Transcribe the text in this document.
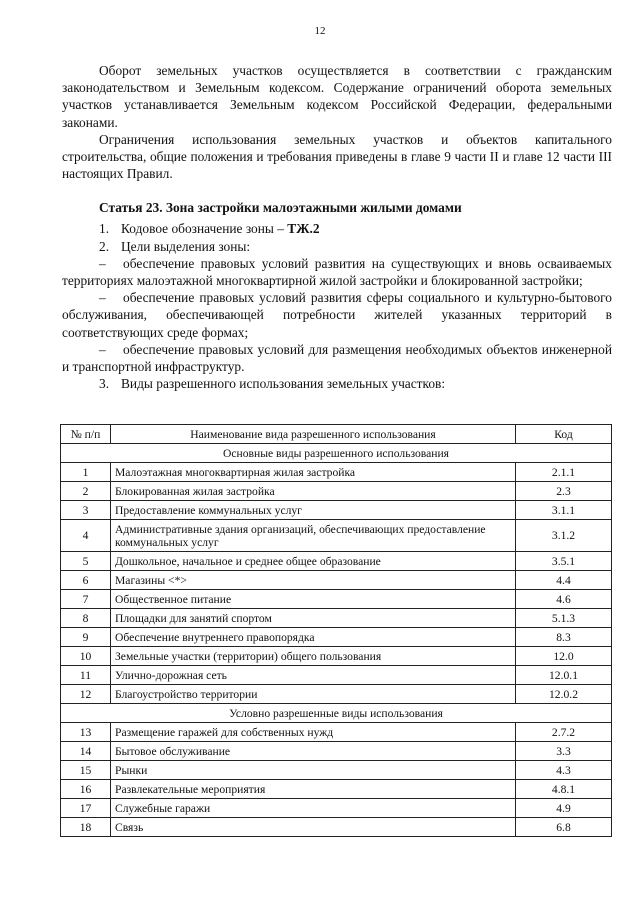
12

Оборот земельных участков осуществляется в соответствии с гражданским законодательством и Земельным кодексом. Содержание ограничений оборота земельных участков устанавливается Земельным кодексом Российской Федерации, федеральными законами.

Ограничения использования земельных участков и объектов капитального строительства, общие положения и требования приведены в главе 9 части II и главе 12 части III настоящих Правил.

Статья 23. Зона застройки малоэтажными жилыми домами
1. Кодовое обозначение зоны – ТЖ.2
2. Цели выделения зоны:

– обеспечение правовых условий развития на существующих и вновь осваиваемых территориях малоэтажной многоквартирной жилой застройки и блокированной застройки;

– обеспечение правовых условий развития сферы социального и культурно-бытового обслуживания, обеспечивающей потребности жителей указанных территорий в соответствующих среде формах;

– обеспечение правовых условий для размещения необходимых объектов инженерной и транспортной инфраструктур.

3. Виды разрешенного использования земельных участков:
№ п/п	Наименование вида разрешенного использования	Код
Основные виды разрешенного использования		
1	Малоэтажная многоквартирная жилая застройка	2.1.1
2	Блокированная жилая застройка	2.3
3	Предоставление коммунальных услуг	3.1.1
4	Административные здания организаций, обеспечивающих предоставление коммунальных услуг	3.1.2
5	Дошкольное, начальное и среднее общее образование	3.5.1
6	Магазины <*>	4.4
7	Общественное питание	4.6
8	Площадки для занятий спортом	5.1.3
9	Обеспечение внутреннего правопорядка	8.3
10	Земельные участки (территории) общего пользования	12.0
11	Улично-дорожная сеть	12.0.1
12	Благоустройство территории	12.0.2
Условно разрешенные виды использования		
13	Размещение гаражей для собственных нужд	2.7.2
14	Бытовое обслуживание	3.3
15	Рынки	4.3
16	Развлекательные мероприятия	4.8.1
17	Служебные гаражи	4.9
18	Связь	6.8
